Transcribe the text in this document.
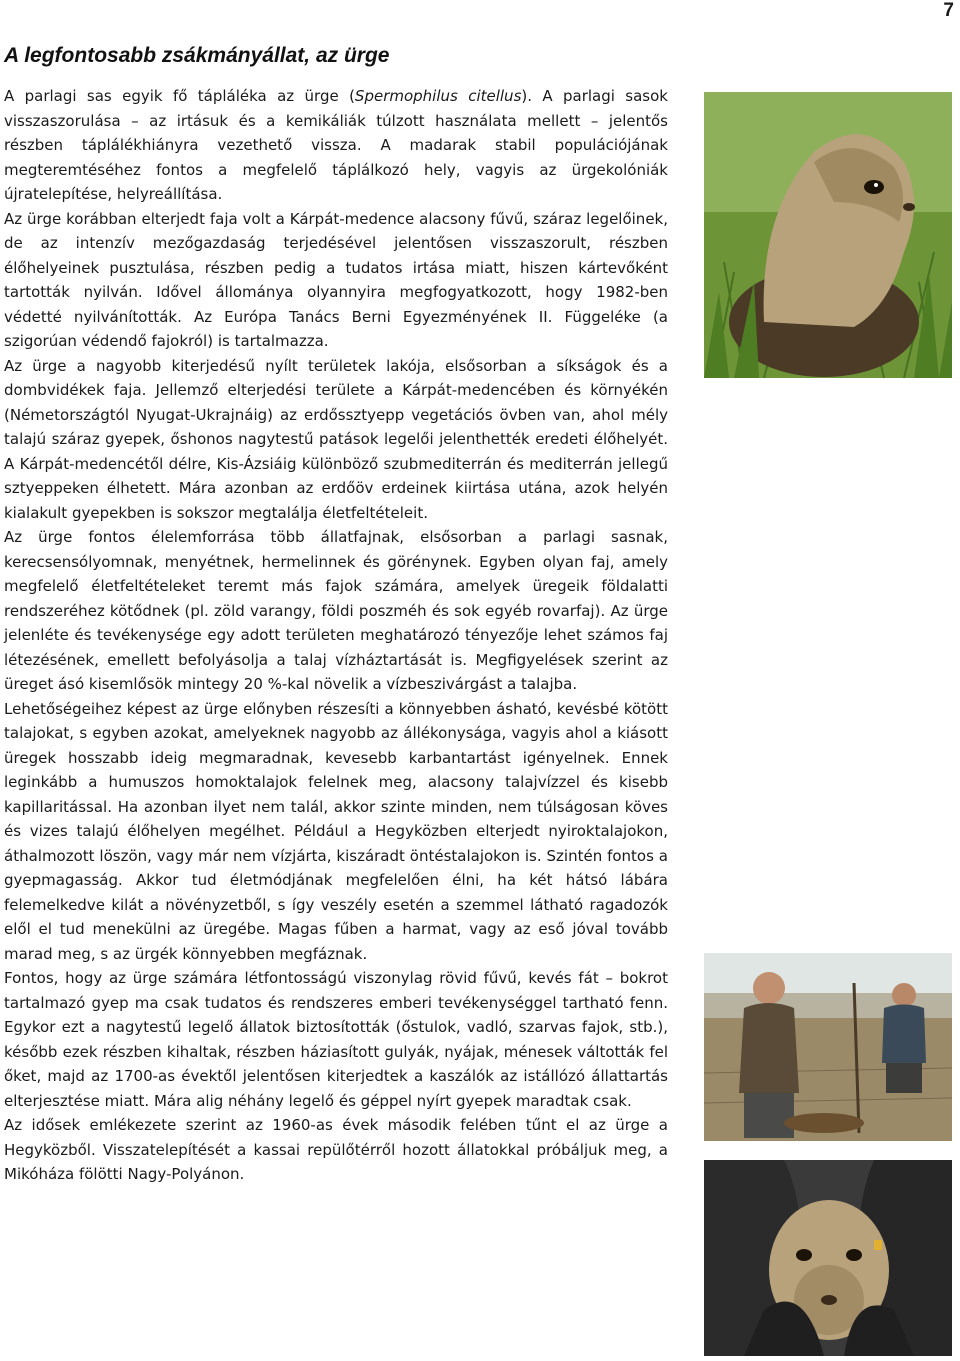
7
A legfontosabb zsákmányállat, az ürge

A parlagi sas egyik fő tápláléka az ürge (Spermophilus citellus). A parlagi sasok visszaszorulása – az irtásuk és a kemikáliák túlzott használata mellett – jelentős részben táplálékhiányra vezethető vissza. A madarak stabil populációjának megteremtéséhez fontos a megfelelő táplálkozó hely, vagyis az ürgekolóniák újratelepítése, helyreállítása.

Az ürge korábban elterjedt faja volt a Kárpát-medence alacsony fűvű, száraz legelőinek, de az intenzív mezőgazdaság terjedésével jelentősen visszaszorult, részben élőhelyeinek pusztulása, részben pedig a tudatos irtása miatt, hiszen kártevőként tartották nyilván. Idővel állománya olyannyira megfogyatkozott, hogy 1982-ben védetté nyilvánították. Az Európa Tanács Berni Egyezményének II. Függeléke (a szigorúan védendő fajokról) is tartalmazza.

Az ürge a nagyobb kiterjedésű nyílt területek lakója, elsősorban a síkságok és a dombvidékek faja. Jellemző elterjedési területe a Kárpát-medencében és környékén (Németországtól Nyugat-Ukrajnáig) az erdőssztyepp vegetációs övben van, ahol mély talajú száraz gyepek, őshonos nagytestű patások legelői jelenthették eredeti élőhelyét. A Kárpát-medencétől délre, Kis-Ázsiáig különböző szubmediterrán és mediterrán jellegű sztyeppeken élhetett. Mára azonban az erdőöv erdeinek kiirtása utána, azok helyén kialakult gyepekben is sokszor megtalálja életfeltételeit.

Az ürge fontos élelemforrása több állatfajnak, elsősorban a parlagi sasnak, kerecsensólyomnak, menyétnek, hermelinnek és görénynek. Egyben olyan faj, amely megfelelő életfeltételeket teremt más fajok számára, amelyek üregeik földalatti rendszeréhez kötődnek (pl. zöld varangy, földi poszméh és sok egyéb rovarfaj). Az ürge jelenléte és tevékenysége egy adott területen meghatározó tényezője lehet számos faj létezésének, emellett befolyásolja a talaj vízháztartását is. Megfigyelések szerint az üreget ásó kisemlősök mintegy 20 %-kal növelik a vízbeszivárgást a talajba.

Lehetőségeihez képest az ürge előnyben részesíti a könnyebben ásható, kevésbé kötött talajokat, s egyben azokat, amelyeknek nagyobb az állékonysága, vagyis ahol a kiásott üregek hosszabb ideig megmaradnak, kevesebb karbantartást igényelnek. Ennek leginkább a humuszos homoktalajok felelnek meg, alacsony talajvízzel és kisebb kapillaritással. Ha azonban ilyet nem talál, akkor szinte minden, nem túlságosan köves és vizes talajú élőhelyen megélhet. Például a Hegyközben elterjedt nyiroktalajokon, áthalmozott löszön, vagy már nem vízjárta, kiszáradt öntéstalajokon is. Szintén fontos a gyepmagasság. Akkor tud életmódjának megfelelően élni, ha két hátsó lábára felemelkedve kilát a növényzetből, s így veszély esetén a szemmel látható ragadozók elől el tud menekülni az üregébe. Magas fűben a harmat, vagy az eső jóval tovább marad meg, s az ürgék könnyebben megfáznak.

Fontos, hogy az ürge számára létfontosságú viszonylag rövid fűvű, kevés fát – bokrot tartalmazó gyep ma csak tudatos és rendszeres emberi tevékenységgel tartható fenn. Egykor ezt a nagytestű legelő állatok biztosították (őstulok, vadló, szarvas fajok, stb.), később ezek részben kihaltak, részben háziasított gulyák, nyájak, ménesek váltották fel őket, majd az 1700-as évektől jelentősen kiterjedtek a kaszálók az istállózó állattartás elterjesztése miatt. Mára alig néhány legelő és géppel nyírt gyepek maradtak csak.

Az idősek emlékezete szerint az 1960-as évek második felében tűnt el az ürge a Hegyközből. Visszatelepítését a kassai repülőtérről hozott állatokkal próbáljuk meg, a Mikóháza fölötti Nagy-Polyánon.
